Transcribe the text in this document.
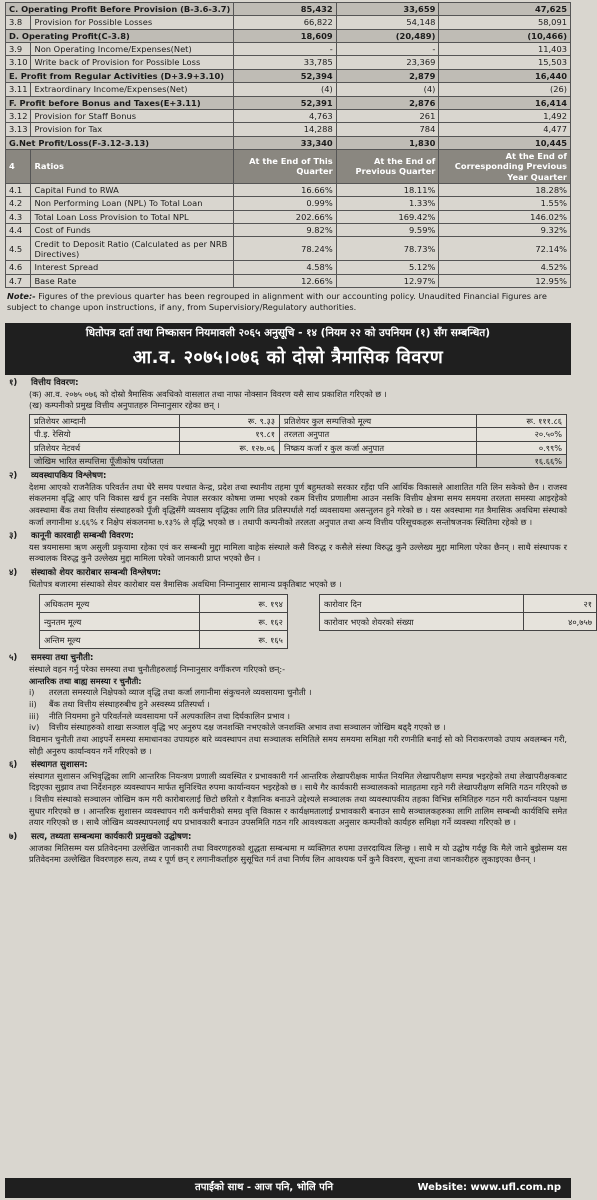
C. Operating Profit Before Provision (B-3.6-3.7)		85,432	33,659	47,625
3.8	Provision for Possible Losses	66,822	54,148	58,091
D. Operating Profit(C-3.8)		18,609	(20,489)	(10,466)
3.9	Non Operating Income/Expenses(Net)	-	-	11,403
3.10	Write back of Provision for Possible Loss	33,785	23,369	15,503
E. Profit from Regular Activities (D+3.9+3.10)		52,394	2,879	16,440
3.11	Extraordinary Income/Expenses(Net)	(4)	(4)	(26)
F. Profit before Bonus and Taxes(E+3.11)		52,391	2,876	16,414
3.12	Provision for Staff Bonus	4,763	261	1,492
3.13	Provision for Tax	14,288	784	4,477
G.Net Profit/Loss(F-3.12-3.13)		33,340	1,830	10,445
4	Ratios	At the End of This Quarter	At the End of Previous Quarter	At the End of Corresponding Previous Year Quarter
4.1	Capital Fund to RWA	16.66%	18.11%	18.28%
4.2	Non Performing Loan (NPL) To Total Loan	0.99%	1.33%	1.55%
4.3	Total Loan Loss Provision to Total NPL	202.66%	169.42%	146.02%
4.4	Cost of Funds	9.82%	9.59%	9.32%
4.5	Credit to Deposit Ratio (Calculated as per NRB Directives)	78.24%	78.73%	72.14%
4.6	Interest Spread	4.58%	5.12%	4.52%
4.7	Base Rate	12.66%	12.97%	12.95%

Note:- Figures of the previous quarter has been regrouped in alignment with our accounting policy. Unaudited Financial Figures are subject to change upon instructions, if any, from Supervisiory/Regulatory authorities.

धितोपत्र दर्ता तथा निष्कासन नियमावली २०६५ अनुसूचि - १४ (नियम २२ को उपनियम (१) सँग सम्बन्धित)
आ.व. २०७५।०७६ को दोस्रो त्रैमासिक विवरण
१) वित्तीय विवरण:
(क) आ.व. २०७५ ०७६ को दोस्रो त्रैमासिक अवधिको वासलात तथा नाफा नोक्सान विवरण यसै साथ प्रकाशित गरिएको छ ।
(ख) कम्पनीको प्रमुख वित्तीय अनुपातहरु निम्नानुसार रहेका छन् ।
प्रतिशेयर आम्दानी	रू. ९.३३	प्रतिशेयर कुल सम्पत्तिको मूल्य	रू. १११.८६
पी.इ. रेसियो	१९.८१	तरलता अनुपात	२०.५०%
प्रतिशेयर नेटवर्थ	रू. १२७.०६	निष्क्रय कर्जा र कुल कर्जा अनुपात	०.९९%
जोखिम भारित सम्पत्तिमा पूँजीकोष पर्याप्तता			१६.६६%
२) व्यवस्थापकिय विश्लेषण:
देशमा आएको राजनैतिक परिवर्तन तथा धेरै समय पश्चात केन्द्र, प्रदेश तथा स्थानीय तहमा पूर्ण बहुमतको सरकार रहँदा पनि आर्थिक विकासले आशातित गति लिन सकेको छैन । राजस्व संकलनमा वृद्धि आए पनि विकास खर्च हुन नसकि नेपाल सरकार कोषमा जम्मा भएको रकम वित्तीय प्रणालीमा आउन नसकि वित्तीय क्षेत्रमा समय समयमा तरलता समस्या आइरहेको अवस्थामा बैंक तथा वित्तीय संस्थाहरुको पूँजी वृद्धिसँगै व्यवसाय वृद्धिका लागि तिव्र प्रतिस्पर्धाले गर्दा व्यवसायमा असन्तुलन हुने गरेको छ । यस अवस्थामा गत त्रैमासिक अवधिमा संस्थाको कर्जा लगानीमा ४.६६% र निक्षेप संकलनमा ७.१३% ले वृद्धि भएको छ । तथापी कम्पनीको तरलता अनुपात तथा अन्य वित्तीय परिसूचकहरू सन्तोषजनक स्थितिमा रहेको छ ।
३) कानूनी कारवाही सम्बन्धी विवरण:
यस त्रयमासमा ऋण असुली प्रकृयामा रहेका एवं कर सम्बन्धी मुद्दा मामिला वाहेक संस्थाले कसै विरुद्ध र कसैले संस्था विरुद्ध कुनै उल्लेख्य मुद्दा मामिला परेका छैनन् । साथै संस्थापक र सञ्चालक विरुद्ध कुनै उल्लेख्य मुद्दा मामिला परेको जानकारी प्राप्त भएको छैन ।
४) संस्थाको शेयर कारोबार सम्बन्धी विश्लेषण:
धितोपत्र बजारमा संस्थाको सेयर कारोबार यस त्रैमासिक अवधिमा निम्नानुसार सामान्य प्रकृतिबाट भएको छ ।
अधिकतम मूल्य	रू. १९४		कारोवार दिन	२१
न्युनतम मूल्य	रू. १६२		कारोवार भएको शेयरको संख्या	४०,७५७
अन्तिम मूल्य	रू. १६५			
५) समस्या तथा चुनौती:
संस्थाले वहन गर्नु परेका समस्या तथा चुनौतीहरुलाई निम्नानुसार वर्गीकरण गरिएको छन्:-
आन्तरिक तथा बाह्य समस्या र चुनौती:
i) तरलता समस्याले निक्षेपको व्याज वृद्धि तथा कर्जा लगानीमा संकुचनले व्यवसायमा चुनौती ।
ii) बैंक तथा वित्तीय संस्थाहरुबीच हुने अस्वस्थ्य प्रतिस्पर्धा ।
iii) नीति नियममा हुने परिवर्तनले व्यवसायमा पर्ने अल्पकालिन तथा दिर्घकालिन प्रभाव ।
iv) वित्तीय संस्थाहरुको शाखा सञ्जाल वृद्धि भए अनुरुप दक्ष जनशक्ति नभएकोले जनशक्ति अभाव तथा सञ्चालन जोखिम बढ्दै गएको छ ।
विद्यमान चुनौती तथा आइपर्ने समस्या समाधानका उपायहरु बारे व्यवस्थापन तथा सञ्चालक समितिले समय समयमा समिक्षा गरी रणनीति बनाई सो को निराकरणको उपाय अवलम्बन गरी, सोही अनुरुप कार्यान्वयन गर्ने गरिएको छ ।
६) संस्थागत सुशासन:
संस्थागत सुशासन अभिवृद्धिका लागि आन्तरिक नियन्त्रण प्रणाली व्यवस्थित र प्रभावकारी गर्न आन्तरिक लेखापरीक्षक मार्फत नियमित लेखापरीक्षण सम्पन्न भइरहेको तथा लेखापरीक्षकबाट दिइएका सुझाव तथा निर्देशनहरु व्यवस्थापन मार्फत सुनिश्चित रुपमा कार्यान्वयन भइरहेको छ । साथै गैर कार्यकारी सञ्चालकको मातहतमा रहने गरी लेखापरीक्षण समिति गठन गरिएको छ । वित्तीय संस्थाको सञ्चालन जोखिम कम गरी कारोबारलाई छिटो छरितो र वैज्ञानिक बनाउने उद्देश्यले सञ्चालक तथा व्यवस्थापकीय तहका विभिन्न समितिहरु गठन गरी कार्यान्वयन पक्षमा सुधार गरिएको छ । आन्तरिक सुशासन व्यवस्थापन गरी कर्मचारीको समग्र वृत्ति विकास र कार्यक्षमतालाई प्रभावकारी बनाउन साथै सञ्चालकहरुका लागि तालिम सम्बन्धी कार्यविधि समेत तयार गरिएको छ । साथै जोखिम व्यवस्थापनलाई थप प्रभावकारी बनाउन उपसमिति गठन गरि आवश्यकता अनुसार कम्पनीको कार्यहरु समिक्षा गर्ने व्यवस्था गरिएको छ ।
७) सत्य, तथ्यता सम्बन्धमा कार्यकारी प्रमुखको उद्घोषण:
आजका मितिसम्म यस प्रतिवेदनमा उल्लेखित जानकारी तथा विवरणहरुको शुद्धता सम्बन्धमा म व्यक्तिगत रुपमा उत्तरदायित्व लिन्छु । साथै म यो उद्घोष गर्दछु कि मैले जाने बुझेसम्म यस प्रतिवेदनमा उल्लेखित विवरणहरु सत्य, तथ्य र पूर्ण छन् र लगानीकर्ताहरु सुसूचित गर्न तथा निर्णय लिन आवश्यक पर्ने कुनै विवरण, सूचना तथा जानकारीहरु लुकाइएका छैनन् ।
तपाईंको साथ - आज पनि, भोलि पनि	Website: www.ufl.com.np
